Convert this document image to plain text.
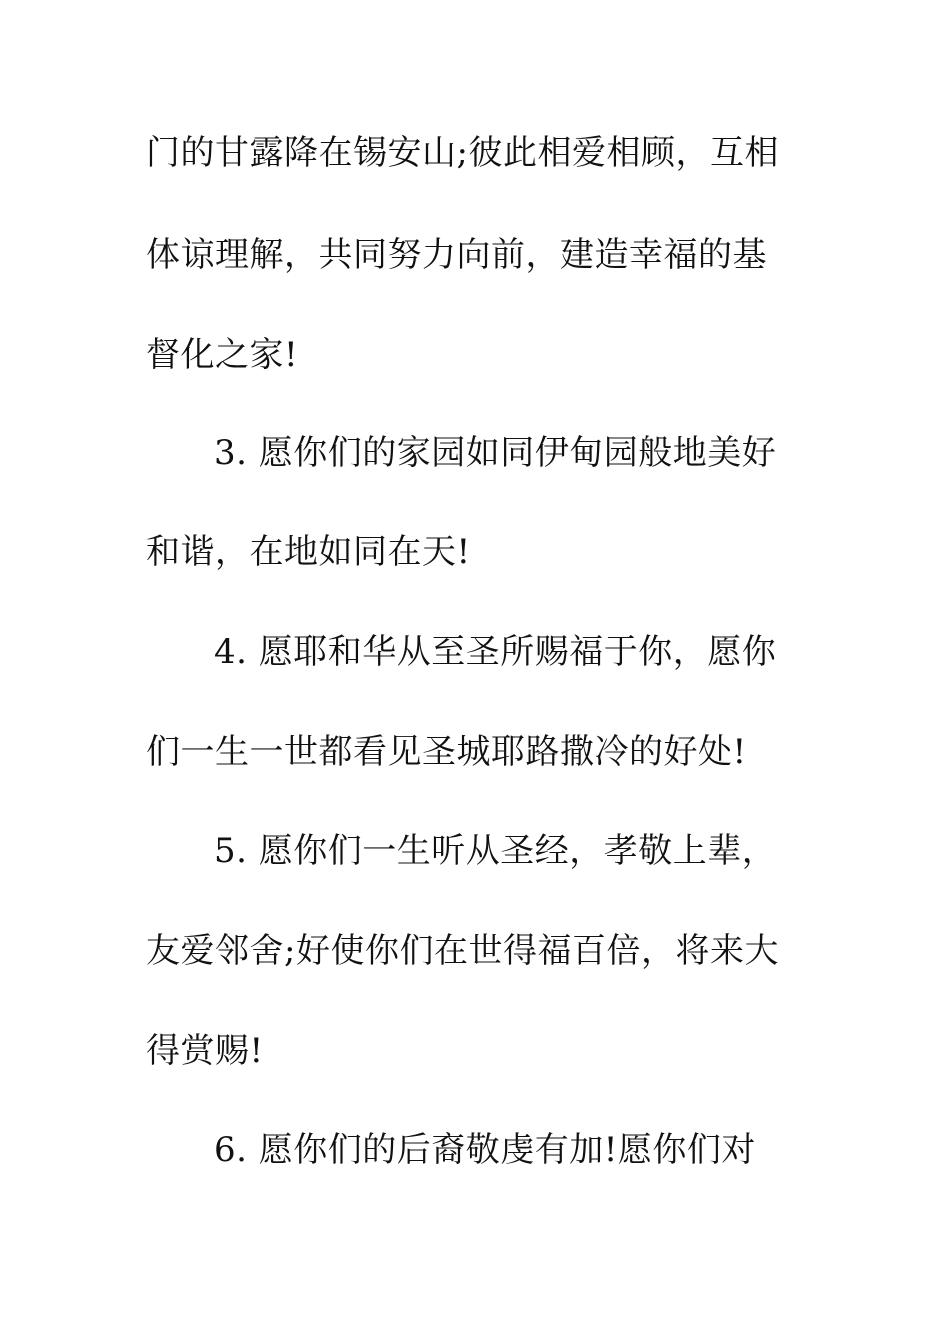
门的甘露降在锡安山;彼此相爱相顾，互相
体谅理解，共同努力向前，建造幸福的基
督化之家!
3. 愿你们的家园如同伊甸园般地美好
和谐，在地如同在天!
4. 愿耶和华从至圣所赐福于你，愿你
们一生一世都看见圣城耶路撒冷的好处!
5. 愿你们一生听从圣经，孝敬上辈，
友爱邻舍;好使你们在世得福百倍，将来大
得赏赐!
6. 愿你们的后裔敬虔有加!愿你们对
